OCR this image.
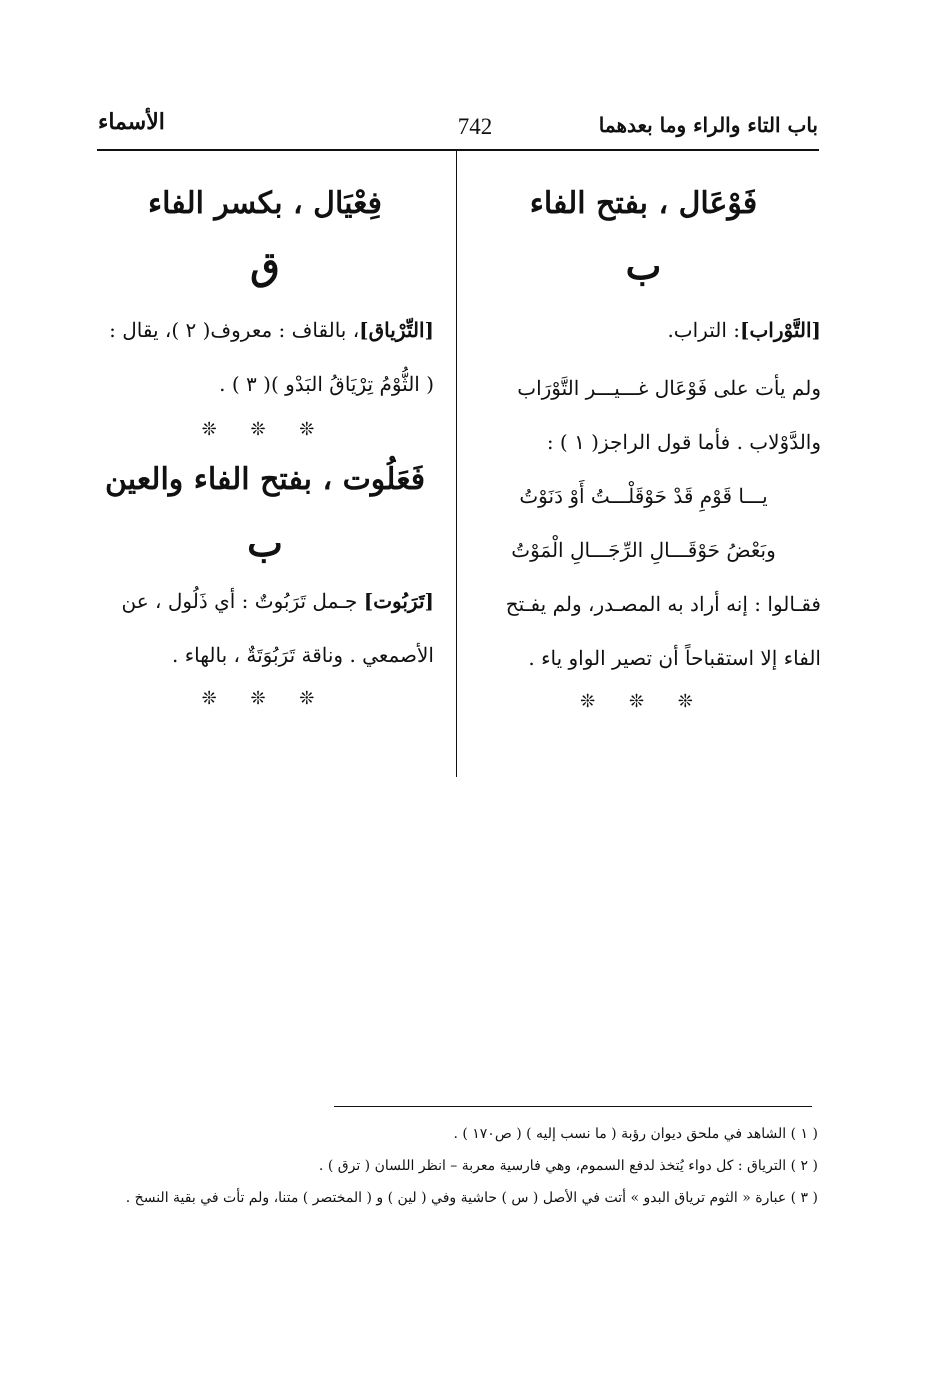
باب التاء والراء وما بعدهما
742
الأسماء
فَوْعَال ، بفتح الفاء
ب
[التَّوْراب]: التراب.
ولم يأت على فَوْعَال غـــيـــر التَّوْرَاب
والدَّوْلاب . فأما قول الراجز( ١ ) :
يـــا قَوْمِ قَدْ حَوْقَلْـــتُ أَوْ دَنَوْتُ
وبَعْضُ حَوْقَـــالِ الرِّجَـــالِ الْمَوْتُ
فقـالوا : إنه أراد به المصـدر، ولم يفـتح
الفاء إلا استقباحاً أن تصير الواو ياء .
❊ ❊ ❊
فِعْيَال ، بكسر الفاء
ق
[التِّرْياق]، بالقاف : معروف( ٢ )، يقال :
( الثُّوْمُ تِرْيَاقُ البَدْو )( ٣ ) .
❊ ❊ ❊
فَعَلُوت ، بفتح الفاء والعين
ب
[تَرَبُوت] جـمل تَرَبُوتٌ : أي ذَلُول ، عن
الأصمعي . وناقة تَرَبُوَتَةٌ ، بالهاء .
❊ ❊ ❊
( ١ ) الشاهد في ملحق ديوان رؤبة ( ما نسب إليه ) ( ص١٧٠ ) .
( ٢ ) الترياق : كل دواء يُتخذ لدفع السموم، وهي فارسية معربة – انظر اللسان ( ترق ) .
( ٣ ) عبارة « الثوم ترياق البدو » أتت في الأصل ( س ) حاشية وفي ( لين ) و ( المختصر ) متنا، ولم تأت في بقية النسخ .
